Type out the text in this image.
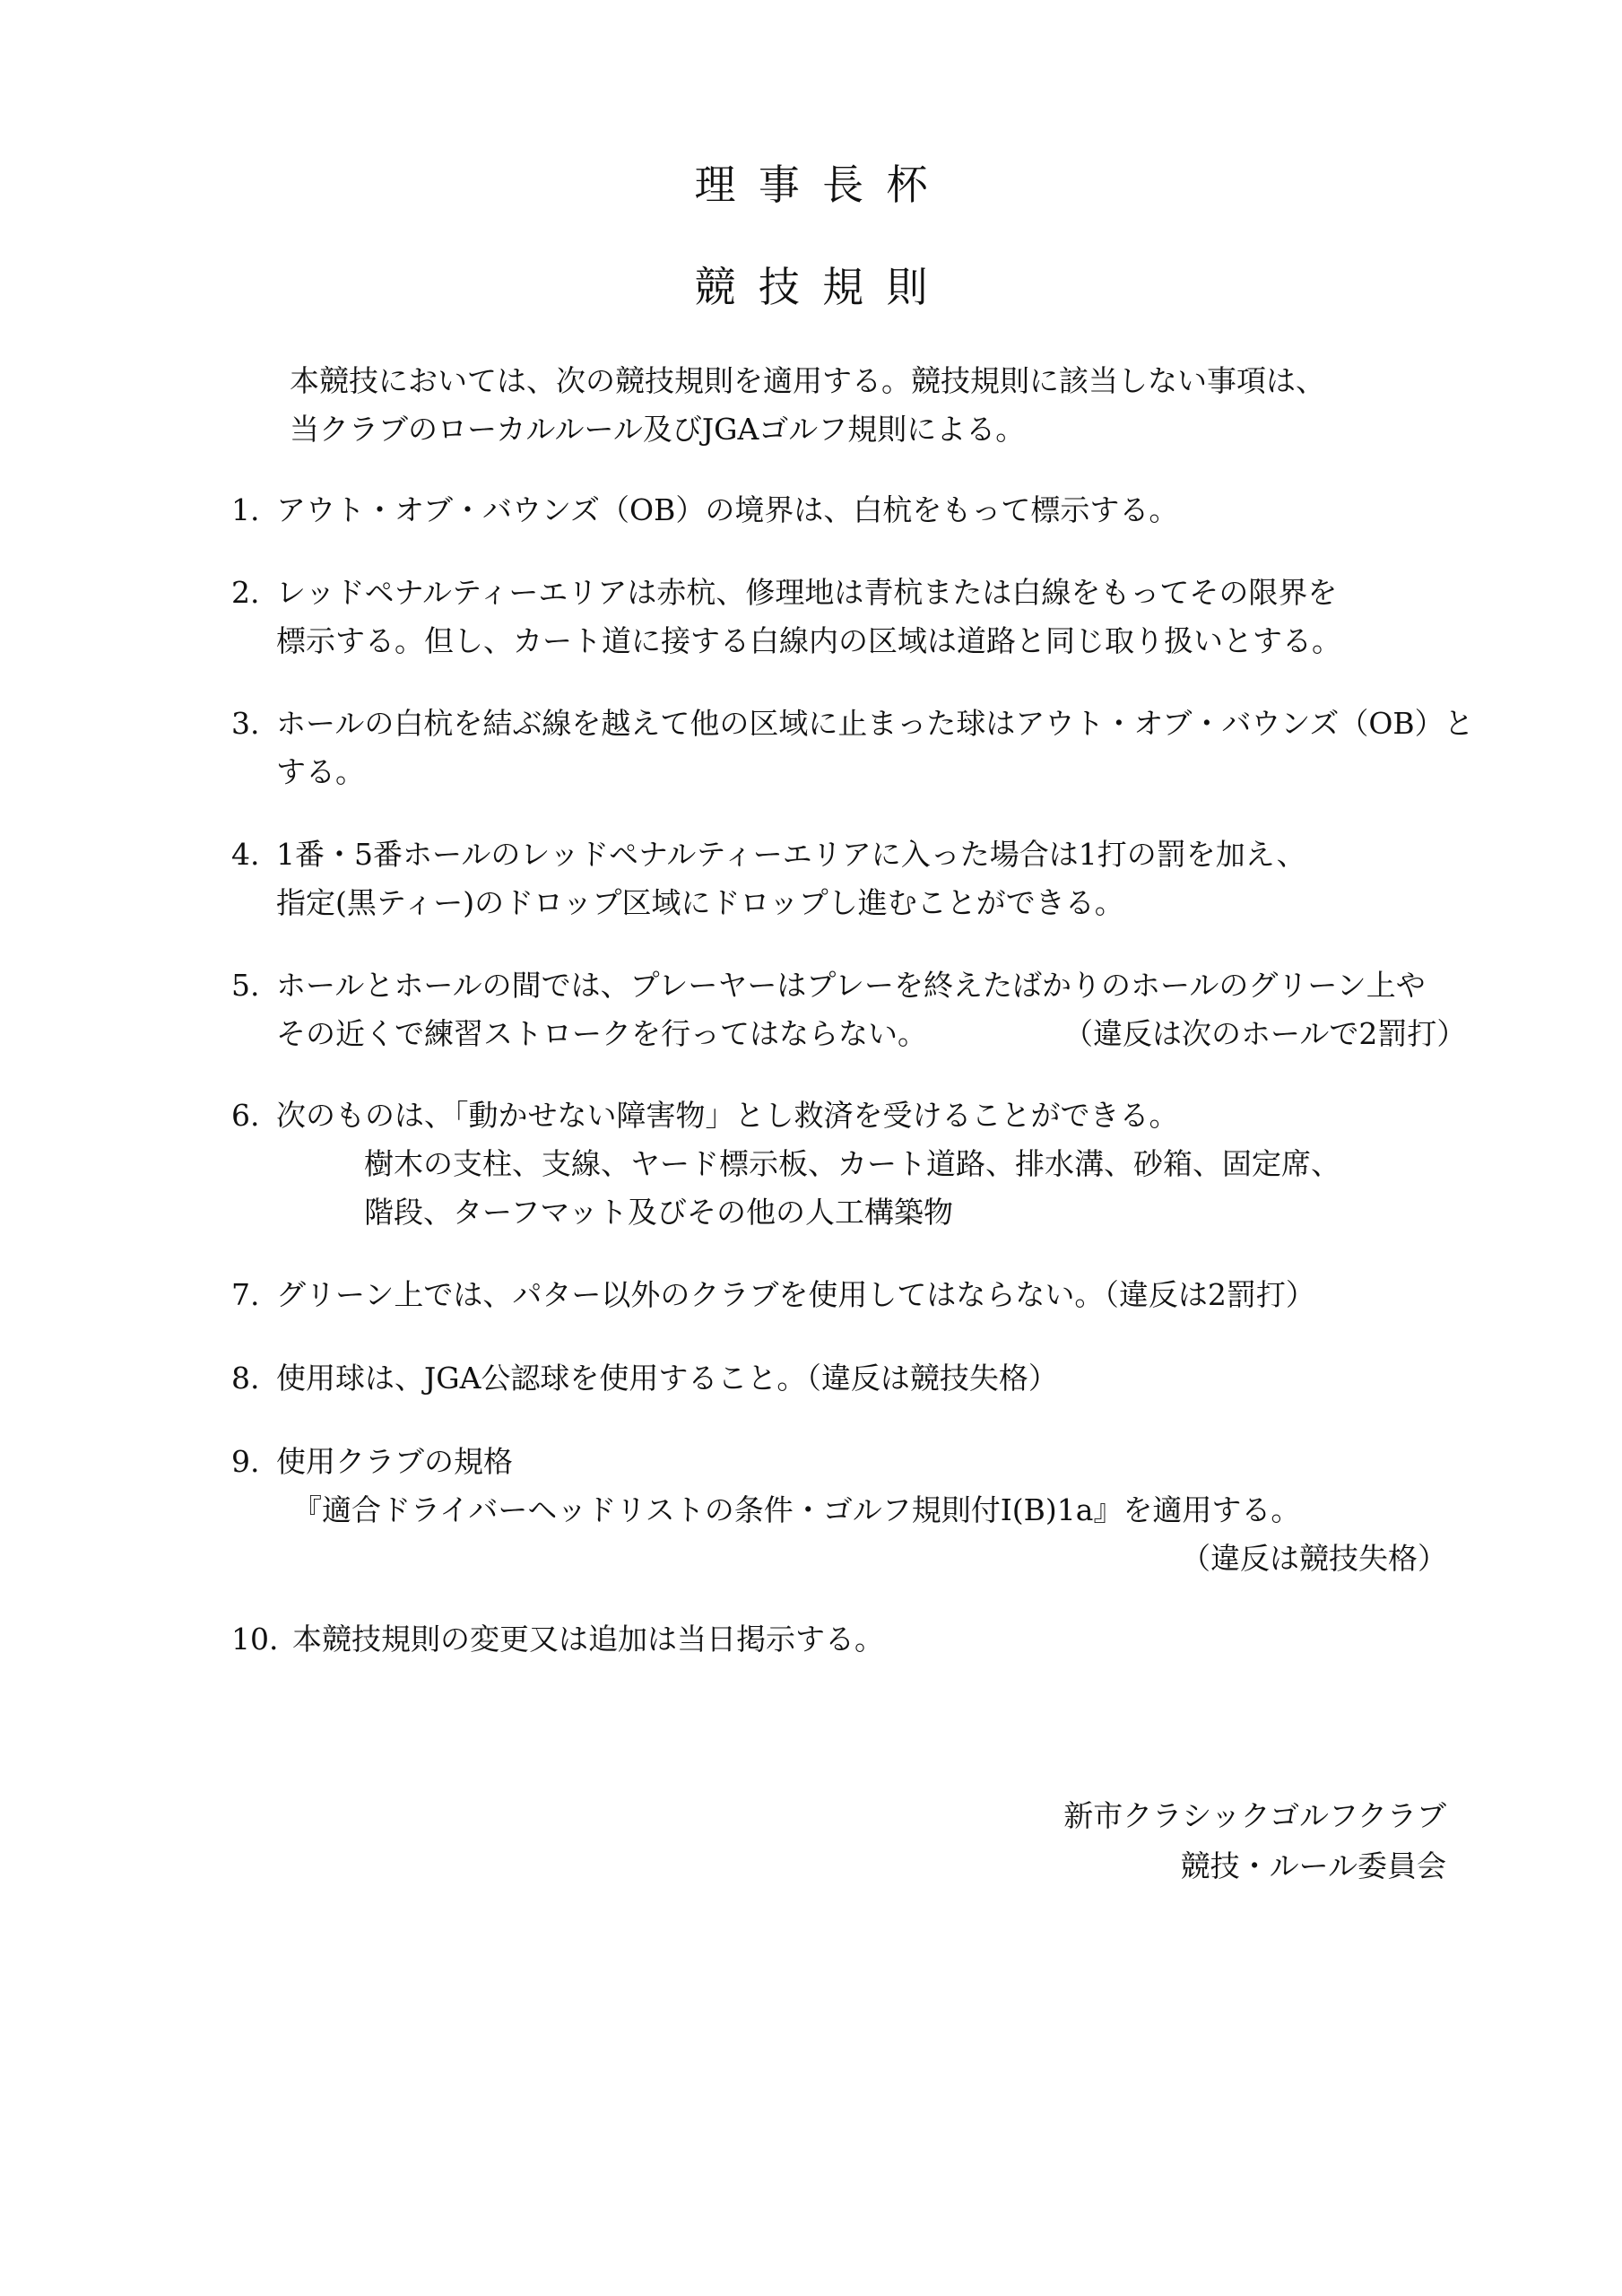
理事長杯
競技規則
本競技においては、次の競技規則を適用する。競技規則に該当しない事項は、
当クラブのローカルルール及びJGAゴルフ規則による。
1. アウト・オブ・バウンズ（OB）の境界は、白杭をもって標示する。
2. レッドペナルティーエリアは赤杭、修理地は青杭または白線をもってその限界を
標示する。但し、カート道に接する白線内の区域は道路と同じ取り扱いとする。
3. ホールの白杭を結ぶ線を越えて他の区域に止まった球はアウト・オブ・バウンズ（OB）と
する。
4. 1番・5番ホールのレッドペナルティーエリアに入った場合は1打の罰を加え、
指定(黒ティー)のドロップ区域にドロップし進むことができる。
5. ホールとホールの間では、プレーヤーはプレーを終えたばかりのホールのグリーン上や
その近くで練習ストロークを行ってはならない。	（違反は次のホールで2罰打）
6. 次のものは、「動かせない障害物」とし救済を受けることができる。
樹木の支柱、支線、ヤード標示板、カート道路、排水溝、砂箱、固定席、
階段、ターフマット及びその他の人工構築物
7. グリーン上では、パター以外のクラブを使用してはならない。（違反は2罰打）
8. 使用球は、JGA公認球を使用すること。（違反は競技失格）
9. 使用クラブの規格
『適合ドライバーヘッドリストの条件・ゴルフ規則付Ⅰ(B)1a』を適用する。
（違反は競技失格）
10. 本競技規則の変更又は追加は当日掲示する。
新市クラシックゴルフクラブ
競技・ルール委員会
